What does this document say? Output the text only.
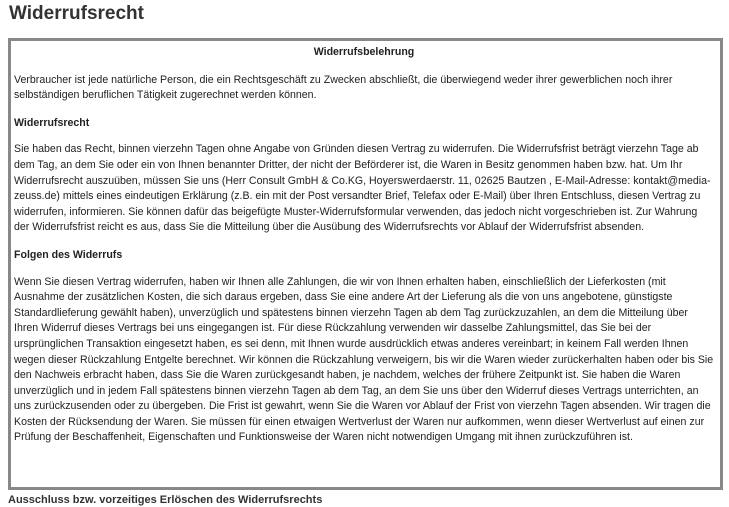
Widerrufsrecht

Widerrufsbelehrung

Verbraucher ist jede natürliche Person, die ein Rechtsgeschäft zu Zwecken abschließt, die überwiegend weder ihrer gewerblichen noch ihrer selbständigen beruflichen Tätigkeit zugerechnet werden können.

Widerrufsrecht

Sie haben das Recht, binnen vierzehn Tagen ohne Angabe von Gründen diesen Vertrag zu widerrufen. Die Widerrufsfrist beträgt vierzehn Tage ab dem Tag, an dem Sie oder ein von Ihnen benannter Dritter, der nicht der Beförderer ist, die Waren in Besitz genommen haben bzw. hat. Um Ihr Widerrufsrecht auszuüben, müssen Sie uns (Herr Consult GmbH & Co.KG, Hoyerswerdaerstr. 11, 02625 Bautzen , E-Mail-Adresse: kontakt@media-zeuss.de) mittels eines eindeutigen Erklärung (z.B. ein mit der Post versandter Brief, Telefax oder E-Mail) über Ihren Entschluss, diesen Vertrag zu widerrufen, informieren. Sie können dafür das beigefügte Muster-Widerrufsformular verwenden, das jedoch nicht vorgeschrieben ist. Zur Wahrung der Widerrufsfrist reicht es aus, dass Sie die Mitteilung über die Ausübung des Widerrufsrechts vor Ablauf der Widerrufsfrist absenden.

Folgen des Widerrufs

Wenn Sie diesen Vertrag widerrufen, haben wir Ihnen alle Zahlungen, die wir von Ihnen erhalten haben, einschließlich der Lieferkosten (mit Ausnahme der zusätzlichen Kosten, die sich daraus ergeben, dass Sie eine andere Art der Lieferung als die von uns angebotene, günstigste Standardlieferung gewählt haben), unverzüglich und spätestens binnen vierzehn Tagen ab dem Tag zurückzuzahlen, an dem die Mitteilung über Ihren Widerruf dieses Vertrags bei uns eingegangen ist. Für diese Rückzahlung verwenden wir dasselbe Zahlungsmittel, das Sie bei der ursprünglichen Transaktion eingesetzt haben, es sei denn, mit Ihnen wurde ausdrücklich etwas anderes vereinbart; in keinem Fall werden Ihnen wegen dieser Rückzahlung Entgelte berechnet. Wir können die Rückzahlung verweigern, bis wir die Waren wieder zurückerhalten haben oder bis Sie den Nachweis erbracht haben, dass Sie die Waren zurückgesandt haben, je nachdem, welches der frühere Zeitpunkt ist. Sie haben die Waren unverzüglich und in jedem Fall spätestens binnen vierzehn Tagen ab dem Tag, an dem Sie uns über den Widerruf dieses Vertrags unterrichten, an uns zurückzusenden oder zu übergeben. Die Frist ist gewahrt, wenn Sie die Waren vor Ablauf der Frist von vierzehn Tagen absenden. Wir tragen die Kosten der Rücksendung der Waren. Sie müssen für einen etwaigen Wertverlust der Waren nur aufkommen, wenn dieser Wertverlust auf einen zur Prüfung der Beschaffenheit, Eigenschaften und Funktionsweise der Waren nicht notwendigen Umgang mit ihnen zurückzuführen ist.

Ausschluss bzw. vorzeitiges Erlöschen des Widerrufsrechts
